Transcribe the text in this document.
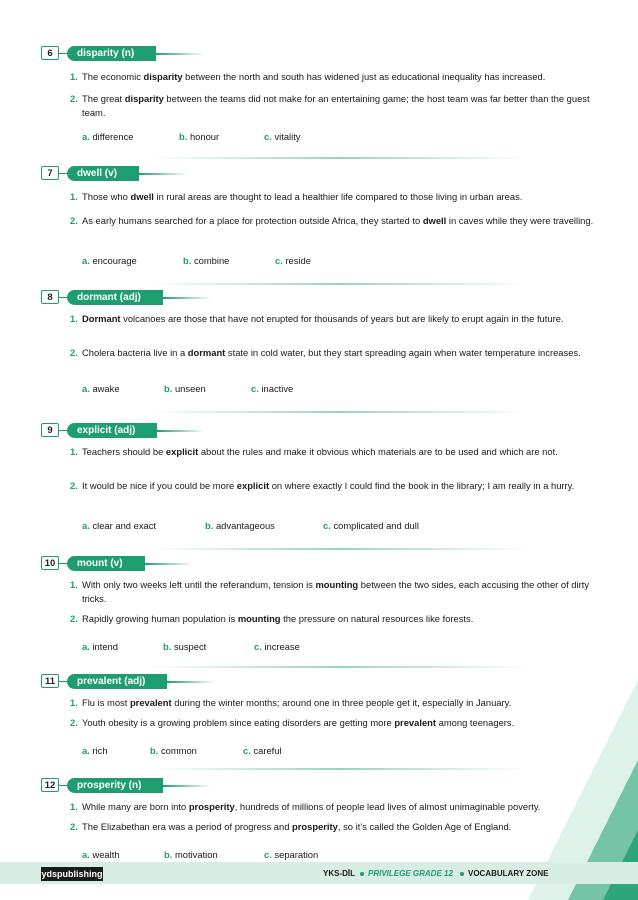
6	disparity (n)
1. The economic disparity between the north and south has widened just as educational inequality has increased.
2. The great disparity between the teams did not make for an entertaining game; the host team was far better than the guest team.
a. difference	b. honour	c. vitality
7	dwell (v)
1. Those who dwell in rural areas are thought to lead a healthier life compared to those living in urban areas.
2. As early humans searched for a place for protection outside Africa, they started to dwell in caves while they were travelling.
a. encourage	b. combine	c. reside
8	dormant (adj)
1. Dormant volcanoes are those that have not erupted for thousands of years but are likely to erupt again in the future.
2. Cholera bacteria live in a dormant state in cold water, but they start spreading again when water temperature increases.
a. awake	b. unseen	c. inactive
9	explicit (adj)
1. Teachers should be explicit about the rules and make it obvious which materials are to be used and which are not.
2. It would be nice if you could be more explicit on where exactly I could find the book in the library; I am really in a hurry.
a. clear and exact	b. advantageous	c. complicated and dull
10	mount (v)
1. With only two weeks left until the referandum, tension is mounting between the two sides, each accusing the other of dirty tricks.
2. Rapidly growing human population is mounting the pressure on natural resources like forests.
a. intend	b. suspect	c. increase
11	prevalent (adj)
1. Flu is most prevalent during the winter months; around one in three people get it, especially in January.
2. Youth obesity is a growing problem since eating disorders are getting more prevalent among teenagers.
a. rich	b. common	c. careful
12	prosperity (n)
1. While many are born into prosperity, hundreds of millions of people lead lives of almost unimaginable poverty.
2. The Elizabethan era was a period of progress and prosperity, so it’s called the Golden Age of England.
a. wealth	b. motivation	c. separation
ydspublishing	YKS-DİL PRIVILEGE GRADE 12 VOCABULARY ZONE
